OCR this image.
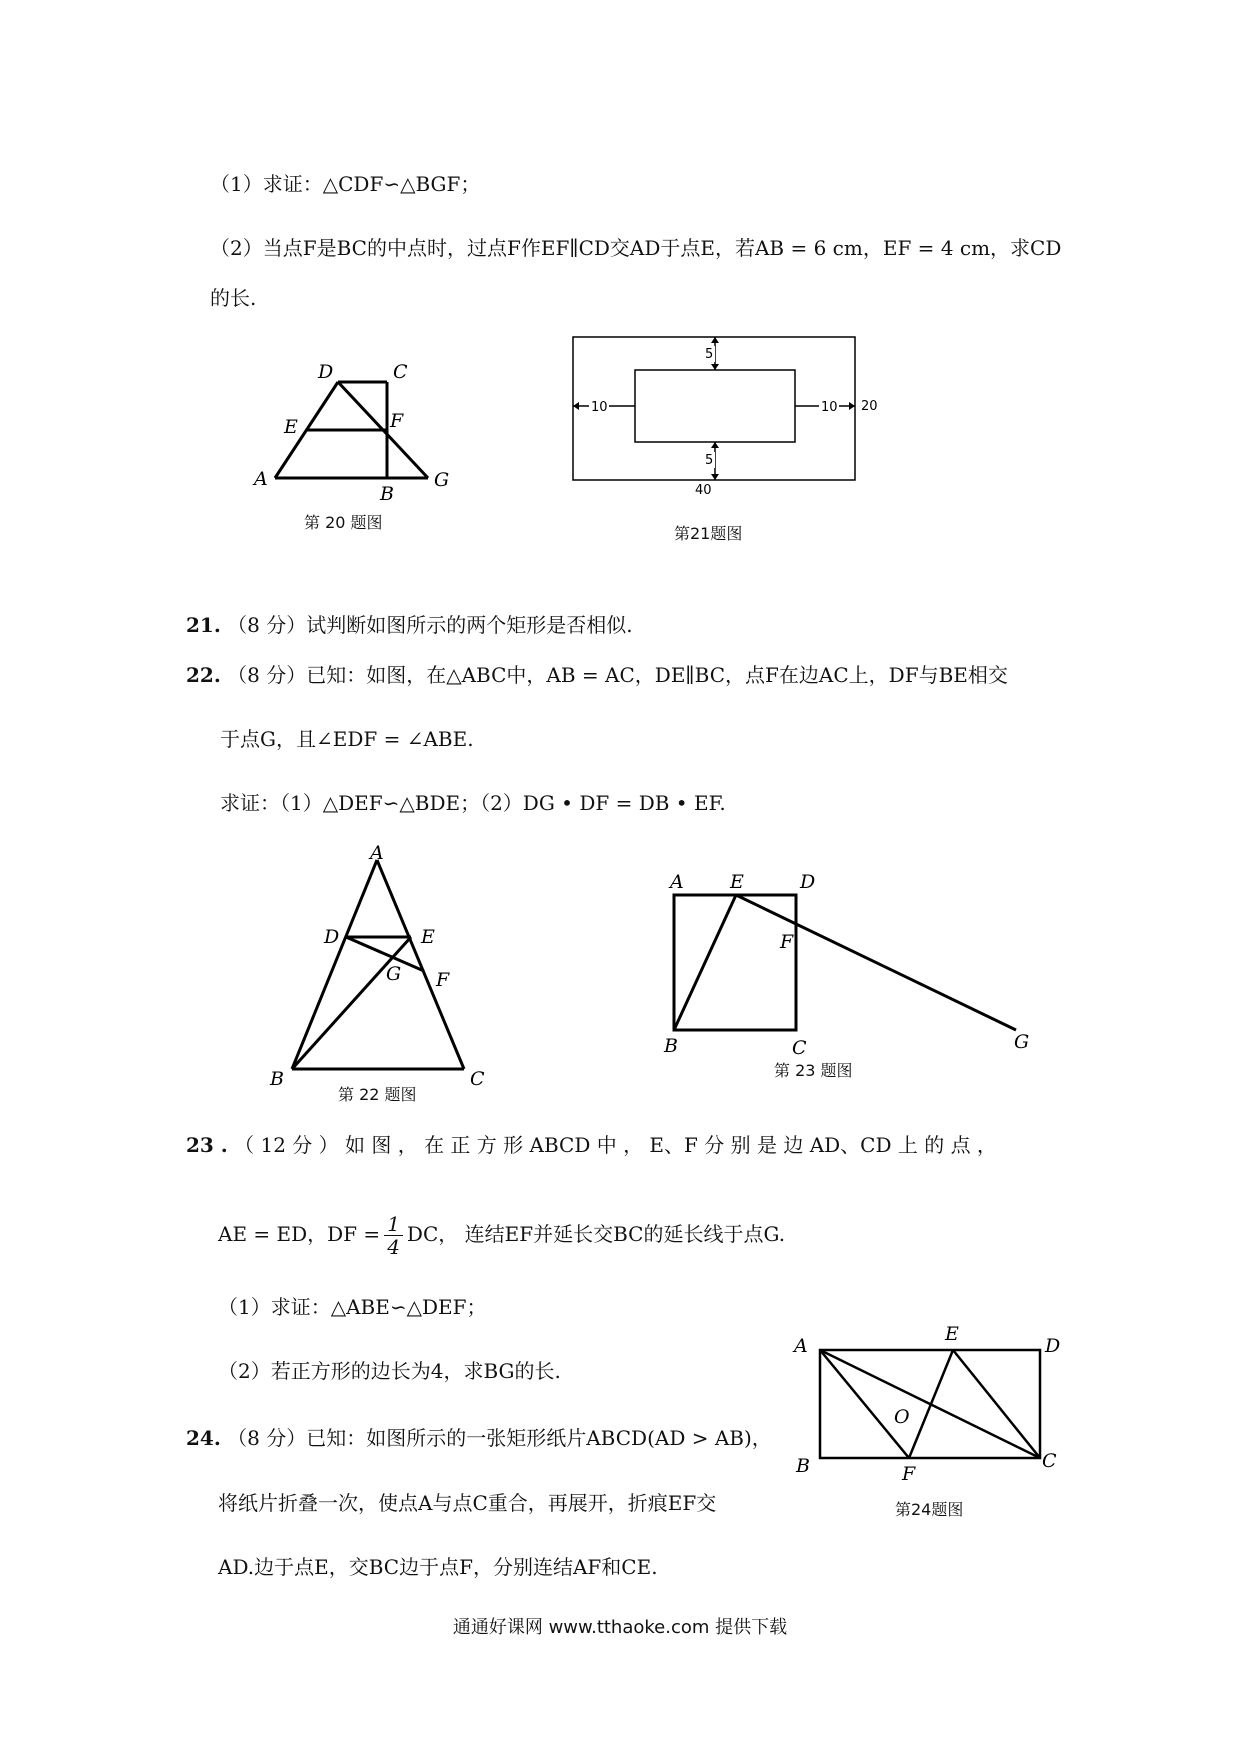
（1）求证：△CDF∽△BGF；
（2）当点F是BC的中点时，过点F作EF∥CD交AD于点E，若AB = 6 cm，EF = 4 cm，求CD
的长.
D	C
E	F
A
B
G
第 20 题图
5
5
10	10 20
40
第21题图
21. （8 分）试判断如图所示的两个矩形是否相似.
22. （8 分）已知：如图，在△ABC中，AB = AC，DE∥BC，点F在边AC上，DF与BE相交
于点G，且∠EDF = ∠ABE.
求证：（1）△DEF∽△BDE；（2）DG • DF = DB • EF.
A
D	E
G F
B	C
第 22 题图
A E	D
F
B	C	G
第 23 题图
23 . （ 12 分 ） 如 图 ， 在 正 方 形 ABCD 中 ， E、F 分 别 是 边 AD、CD 上 的 点 ，
AE = ED，DF = $\frac{1}{4}$ DC， 连结EF并延长交BC的延长线于点G.
（1）求证：△ABE∽△DEF；
（2）若正方形的边长为4，求BG的长.
A
E
D
O
B	F
C
第24题图
24. （8 分）已知：如图所示的一张矩形纸片ABCD(AD > AB)，
将纸片折叠一次，使点A与点C重合，再展开，折痕EF交
AD.边于点E，交BC边于点F，分别连结AF和CE.
通通好课网 www.tthaoke.com 提供下载
